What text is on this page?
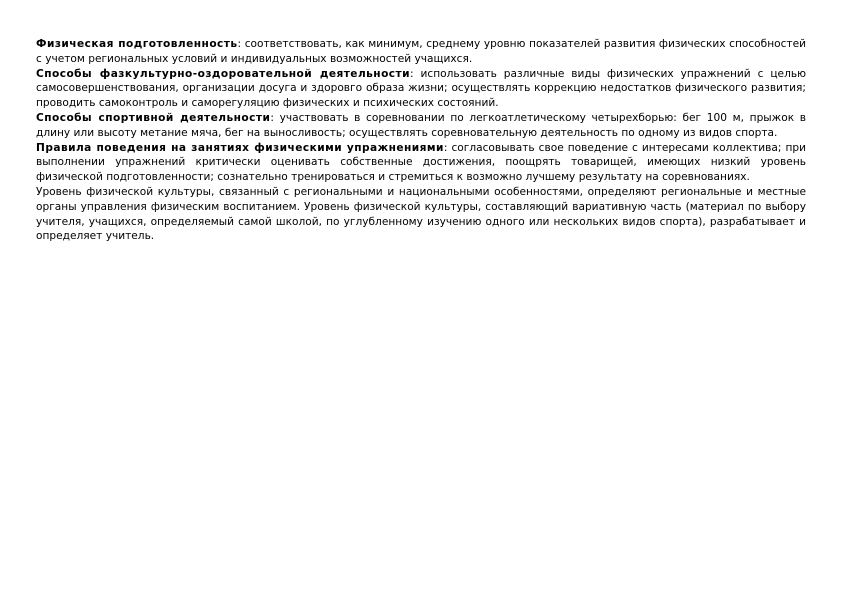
Физическая подготовленность: соответствовать, как минимум, среднему уровню показателей развития физических способностей с учетом региональных условий и индивидуальных возможностей учащихся.

Способы фазкультурно-оздоровательной деятельности: использовать различные виды физических упражнений с целью самосовершенствования, организации досуга и здоровго образа жизни; осуществлять коррекцию недостатков физического развития; проводить самоконтроль и саморегуляцию физических и психических состояний.

Способы спортивной деятельности: участвовать в соревновании по легкоатлетическому четырехборью: бег 100 м, прыжок в длину или высоту метание мяча, бег на выносливость; осуществлять соревновательную деятельность по одному из видов спорта.

Правила поведения на занятиях физическими упражнениями: согласовывать свое поведение с интересами коллектива; при выполнении упражнений критически оценивать собственные достижения, поощрять товарищей, имеющих низкий уровень физической подготовленности; сознательно тренироваться и стремиться к возможно лучшему результату на соревнованиях.

Уровень физической культуры, связанный с региональными и национальными особенностями, определяют региональные и местные органы управления физическим воспитанием. Уровень физической культуры, составляющий вариативную часть (материал по выбору учителя, учащихся, определяемый самой школой, по углубленному изучению одного или нескольких видов спорта), разрабатывает и определяет учитель.
